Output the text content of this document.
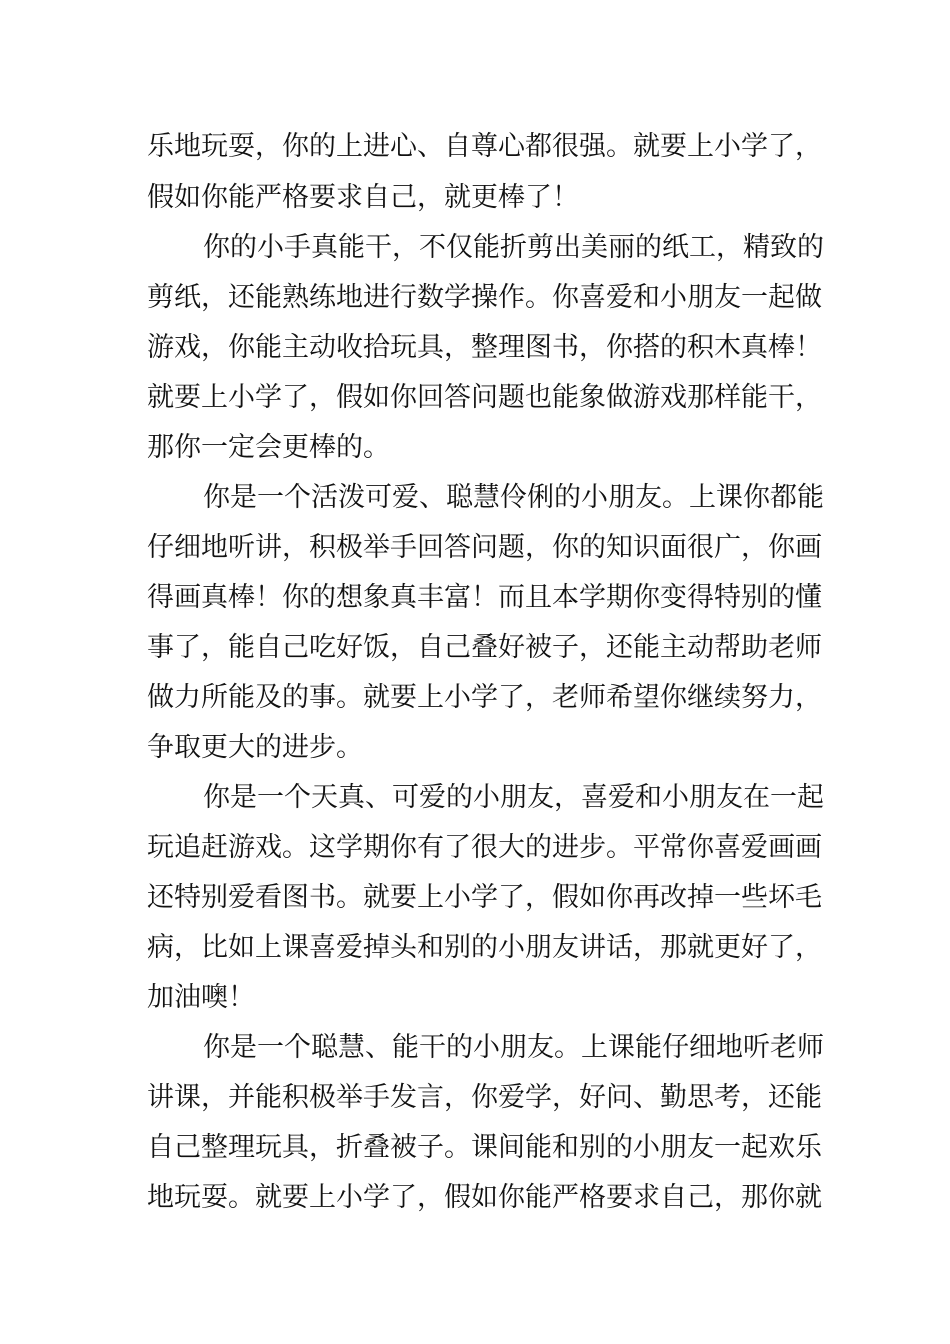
乐地玩耍，你的上进心、自尊心都很强。就要上小学了，
假如你能严格要求自己，就更棒了！
你的小手真能干，不仅能折剪出美丽的纸工，精致的
剪纸，还能熟练地进行数学操作。你喜爱和小朋友一起做
游戏，你能主动收拾玩具，整理图书，你搭的积木真棒！
就要上小学了，假如你回答问题也能象做游戏那样能干，
那你一定会更棒的。
你是一个活泼可爱、聪慧伶俐的小朋友。上课你都能
仔细地听讲，积极举手回答问题，你的知识面很广，你画
得画真棒！你的想象真丰富！而且本学期你变得特别的懂
事了，能自己吃好饭，自己叠好被子，还能主动帮助老师
做力所能及的事。就要上小学了，老师希望你继续努力，
争取更大的进步。
你是一个天真、可爱的小朋友，喜爱和小朋友在一起
玩追赶游戏。这学期你有了很大的进步。平常你喜爱画画
还特别爱看图书。就要上小学了，假如你再改掉一些坏毛
病，比如上课喜爱掉头和别的小朋友讲话，那就更好了，
加油噢！
你是一个聪慧、能干的小朋友。上课能仔细地听老师
讲课，并能积极举手发言，你爱学，好问、勤思考，还能
自己整理玩具，折叠被子。课间能和别的小朋友一起欢乐
地玩耍。就要上小学了，假如你能严格要求自己，那你就
